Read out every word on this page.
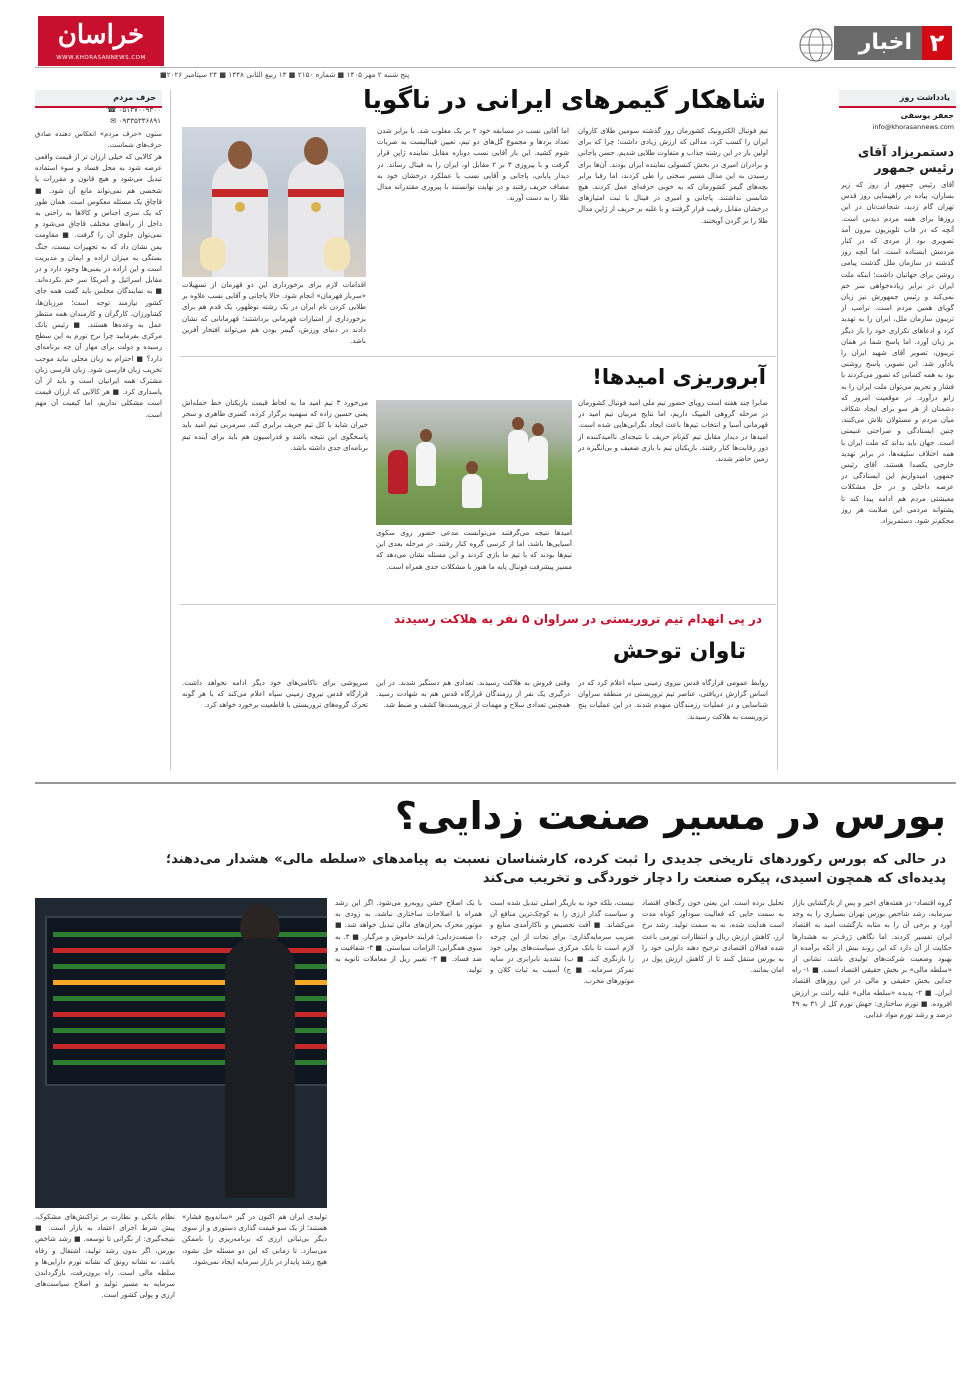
۲
اخبار
خراسان
WWW.KHORASANNEWS.COM
پنج شنبه ۲ مهر ۱۴۰۵ ■ شماره ۲۱۵۰ ■ ۱۳ ربیع الثانی ۱۴۴۸ ■ ۲۴ سپتامبر ۲۰۲۶■
یادداشت روز
جعفر یوسفی
info@khorasannews.com
دستمریزاد آقای رئیس جمهور
آقای رئیس جمهور از روز که زیر بساران، پیاده در راهپیمایی روز قدس تهران گام زدید، شجاعت‌تان در این روزها برای همه مردم دیدنی است. آنچه که در قاب تلویزیون بیرون آمد تصویری بود از مردی که در کنار مردمش ایستاده است. اما آنچه روز گذشته در سازمان ملل گذشت پیامی روشن برای جهانیان داشت؛ اینکه ملت ایران در برابر زیاده‌خواهی سر خم نمی‌کند و رئیس جمهورش نیز زبان گویای همین مردم است. ترامپ از تریبون سازمان ملل، ایران را به تهدید کرد و ادعاهای تکراری خود را بار دیگر بر زبان آورد. اما پاسخ شما در همان تریبون، تصویر آقای شهید ایران را یادآور شد. این تصویر، پاسخ روشنی بود به همه کسانی که تصور می‌کردند با فشار و تحریم می‌توان ملت ایران را به زانو درآورد. در موقعیت امروز که دشمنان از هر سو برای ایجاد شکاف میان مردم و مسئولان تلاش می‌کنند، چنین ایستادگی و صراحتی غنیمتی است. جهان باید بداند که ملت ایران با همه اختلاف سلیقه‌ها، در برابر تهدید خارجی یکصدا هستند. آقای رئیس جمهور، امیدواریم این ایستادگی در عرصه داخلی و در حل مشکلات معیشتی مردم هم ادامه پیدا کند تا پشتوانه مردمی این صلابت هر روز محکم‌تر شود. دستمریزاد.
حرف مردم
☎ ۰۵۱۳۷۰۰۹۳۰۰
✉ ۰۹۳۳۵۳۴۶۸۹۱
ستون «حرف مردم» انعکاس دهنده صادق حرف‌های شماست.
هر کالایی که خیلی ارزان تر از قیمت واقعی عرضه شود به محل فساد و سوء استفاده تبدیل می‌شود و هیچ قانون و مقررات یا شخصی هم نمی‌تواند مانع آن شود. ■ قاچاق یک مسئله معکوس است. همان طور که یک سری اجناس و کالاها به راحتی به داخل از راه‌های مختلف قاچاق می‌شود و نمی‌توان جلوی آن را گرفت. ■ مقاومت یمن نشان داد که به تجهیزات نیست، جنگ بستگی به میزان اراده و ایمان و مدیریت است و این اراده در یمنی‌ها وجود دارد و در مقابل اسرائیل و آمریکا سر خم نکرده‌اند. ■ به نمایندگان مجلس باید گفت همه جای کشور نیازمند توجه است؛ مرزبان‌ها، کشاورزان، کارگران و کارمندان همه منتظر عمل به وعده‌ها هستند. ■ رئیس بانک مرکزی بفرمایید چرا نرخ تورم به این سطح رسیده و دولت برای مهار آن چه برنامه‌ای دارد؟ ■ احترام به زبان محلی نباید موجب تخریب زبان فارسی شود. زبان فارسی زبان مشترک همه ایرانیان است و باید از آن پاسداری کرد. ■ هر کالایی که ارزان قیمت است مشکلی نداریم، اما کیفیت آن مهم است.
شاهکار گیمرهای ایرانی در ناگویا
تیم فوتبال الکترونیک کشورمان روز گذشته سومین طلای کاروان ایران را کسب کرد، مدالی که ارزش زیادی داشت؛ چرا که برای اولین بار در این رشته جذاب و متفاوت طلایی شدیم. حسن پاجانی و برادران امیری در بخش کنسولی نماینده ایران بودند. آن‌ها برای رسیدن به این مدال مسیر سختی را طی کردند، اما رقبا برابر بچه‌های گیمر کشورمان که به خوبی حرفه‌ای عمل کردند، هیچ شانسی نداشتند. پاجانی و امیری در فینال با ثبت امتیازهای درخشان مقابل رقیب قرار گرفتند و با غلبه بر حریف از ژاپن مدال طلا را بر گردن آویختند.
اما آقایی نسب در مسابقه خود ۲ بر یک مغلوب شد. با برابر شدن تعداد برد‌ها و مجموع گل‌های دو تیم، تعیین فینالیست به ضربات شوم کشید. این بار آقایی نسب دوباره مقابل نماینده ژاپن قرار گرفت و با پیروزی ۳ بر ۲ مقابل او، ایران را به فینال رساند. در دیدار پایانی، پاجانی و آقایی نسب با عملکرد درخشان خود به مصاف حریف رفتند و در نهایت توانستند با پیروزی مقتدرانه مدال طلا را به دست آورند.
اقدامات لازم برای برخورداری این دو قهرمان از تسهیلات «سرباز قهرمان» انجام شود. حالا پاجانی و آقایی نسب علاوه بر طلایی کردن نام ایران در یک رشته نوظهور، یک قدم هم برای برخورداری از امتیازات قهرمانی برداشتند؛ قهرمانانی که نشان دادند در دنیای ورزش، گیمر بودن هم می‌تواند افتخار آفرین باشد.
آبروریزی امیدها!
صابرا چند هفته است رویای حضور تیم ملی امید فوتبال کشورمان در مرحله گروهی المپیک داریم، اما نتایج مربیان تیم امید در قهرمانی آسیا و انتخاب تیم‌ها باعث ایجاد نگرانی‌هایی شده است. امیدها در دیدار مقابل تیم کم‌نام حریف با نتیجه‌ای ناامیدکننده از دور رقابت‌ها کنار رفتند. بازیکنان تیم با بازی ضعیف و بی‌انگیزه در زمین حاضر شدند.
امیدها نتیجه می‌گرفتند می‌توانست مدعی حضور روی سکوی آسیایی‌ها باشد، اما از کرسی گروه کنار رفتند. در مرحله بعدی این تیم‌ها بودند که با تیم ما بازی کردند و این مسئله نشان می‌دهد که مسیر پیشرفت فوتبال پایه ما هنوز با مشکلات جدی همراه است.
می‌خورد ۳ تیم امید ما به لحاظ قیمت بازیکنان خط حمله‌اش یعنی حسین زاده که سهمیه برگزار کرده، کسری طاهری و سحر خیران شاید با کل تیم حریف برابری کند. سرمربی تیم امید باید پاسخگوی این نتیجه باشد و فدراسیون هم باید برای آینده تیم برنامه‌ای جدی داشته باشد.
در پی انهدام تیم تروریستی در سراوان ۵ نفر به هلاکت رسیدند
تاوان توحش
روابط عمومی قرارگاه قدس نیروی زمینی سپاه اعلام کرد که در اساس گزارش دریافتی، عناصر تیم تروریستی در منطقه سراوان شناسایی و در عملیات رزمندگان منهدم شدند. در این عملیات پنج تروریست به هلاکت رسیدند.
وقتی فروش به هلاکت رسیدند. تعدادی هم دستگیر شدند. در این درگیری یک نفر از رزمندگان قرارگاه قدس هم به شهادت رسید. همچنین تعدادی سلاح و مهمات از تروریست‌ها کشف و ضبط شد.
سرپوشی برای ناکامی‌های خود دیگر ادامه نخواهد داشت. قرارگاه قدس نیروی زمینی سپاه اعلام می‌کند که با هر گونه تحرک گروه‌های تروریستی با قاطعیت برخورد خواهد کرد.
بورس در مسیر صنعت زدایی؟
در حالی که بورس رکوردهای تاریخی جدیدی را ثبت کرده، کارشناسان نسبت به پیامدهای «سلطه مالی» هشدار می‌دهند؛ پدیده‌ای که همچون اسیدی، پیکره صنعت را دچار خوردگی و تخریب می‌کند
گروه اقتصاد- در هفته‌های اخیر و پس از بازگشایی بازار سرمایه، رشد شاخص بورس تهران بسیاری را به وجد آورد و برخی آن را به مثابه بازگشت امید به اقتصاد ایران تفسیر کردند. اما نگاهی ژرف‌تر به هشدارها حکایت از آن دارد که این روند بیش از آنکه برآمده از بهبود وضعیت شرکت‌های تولیدی باشد، نشانی از «سلطه مالی» بر بخش حقیقی اقتصاد است. ■ ۱- راه جدایی بخش حقیقی و مالی در این روزهای اقتصاد ایران. ■ ۲- پدیده «سلطه مالی» غلبه رانت بر ارزش افزوده. ■ تورم ساختاری: جهش تورم کل از ۳۱ به ۴۹ درصد و رشد تورم مواد غذایی.
تحلیل برده است. این یعنی خون رگ‌های اقتصاد به سمت جایی که فعالیت سودآور کوتاه مدت است هدایت شده، نه به سمت تولید. رشد نرخ ارز، کاهش ارزش ریال و انتظارات تورمی باعث شده فعالان اقتصادی ترجیح دهند دارایی خود را به بورس منتقل کنند تا از کاهش ارزش پول در امان بمانند.
نیست، بلکه خود به بازیگر اصلی تبدیل شده است و سیاست گذار ارزی را به کوچک‌ترین منافع آن می‌کشاند. ■ آفت تخصیص و ناکارآمدی منابع و ضریب سرمایه‌گذاری: برای نجات از این چرخه لازم است تا بانک مرکزی سیاست‌های پولی خود را بازنگری کند. ■ ب) تشدید نابرابری در سایه تمرکز سرمایه. ■ ج) آسیب به ثبات کلان و موتورهای مخرب.
با یک اصلاح خشن روبه‌رو می‌شود. اگر این رشد همراه با اصلاحات ساختاری نباشد، به زودی به موتور محرک بحران‌های مالی تبدیل خواهد شد. ■ د) صنعت‌زدایی؛ فرایند خاموش و مرگبار. ■ ۳. به سوی همگرایی؛ الزامات سیاستی. ■ ۴- شفافیت و ضد فساد. ■ ۳- تغییر ریل از معاملات ثانویه به تولید.
تولیدی ایران هم اکنون در گیر «ساندویچ فشار» هستند؛ از یک سو قیمت گذاری دستوری و از سوی دیگر بی‌ثباتی ارزی که برنامه‌ریزی را ناممکن می‌سازد. تا زمانی که این دو مسئله حل نشود، هیچ رشد پایدار در بازار سرمایه ایجاد نمی‌شود.
نظام بانکی و نظارت بر تراکنش‌های مشکوک، پیش شرط اجرای اعتماد به بازار است. ■ نتیجه‌گیری: از نگرانی تا توسعه. ■ رشد شاخص بورس، اگر بدون رشد تولید، اشتغال و رفاه باشد، نه نشانه رونق که نشانه تورم دارایی‌ها و سلطه مالی است. راه برون‌رفت، بازگرداندن سرمایه به مسیر تولید و اصلاح سیاست‌های ارزی و پولی کشور است.
